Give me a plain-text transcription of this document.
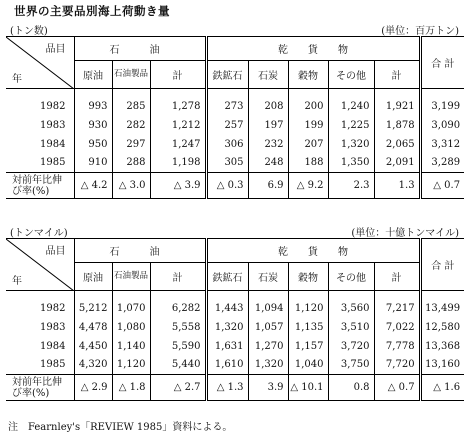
世界の主要品別海上荷動き量
(トン数)	(単位：百万トン)
品目
年	石　油			乾　　貨　　物					合 計
	原油	石油製品	計	鉄鉱石	石炭	穀物	その他	計	

1982	993	285	1,278	273	208	200	1,240	1,921	3,199
1983	930	282	1,212	257	197	199	1,225	1,878	3,090
1984	950	297	1,247	306	232	207	1,320	2,065	3,312
1985	910	288	1,198	305	248	188	1,350	2,091	3,289
対前年比伸び率(%)	△ 4.2	△ 3.0	△ 3.9	△ 0.3	6.9	△ 9.2	2.3	1.3	△ 0.7
(トンマイル)	(単位：十億トンマイル)
品目
年	石　油			乾　　貨　　物					合 計
	原油	石油製品	計	鉄鉱石	石炭	穀物	その他	計	

1982	5,212	1,070	6,282	1,443	1,094	1,120	3,560	7,217	13,499
1983	4,478	1,080	5,558	1,320	1,057	1,135	3,510	7,022	12,580
1984	4,450	1,140	5,590	1,631	1,270	1,157	3,720	7,778	13,368
1985	4,320	1,120	5,440	1,610	1,320	1,040	3,750	7,720	13,160
対前年比伸び率(%)	△ 2.9	△ 1.8	△ 2.7	△ 1.3	3.9	△ 10.1	0.8	△ 0.7	△ 1.6
注　Fearnley's「REVIEW 1985」資料による。
